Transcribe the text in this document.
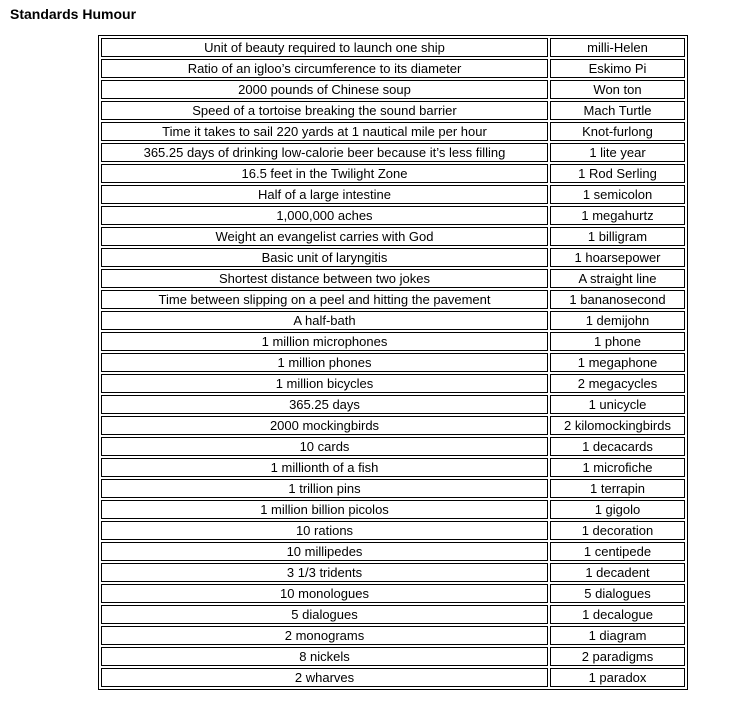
Standards Humour
Unit of beauty required to launch one ship	milli-Helen
Ratio of an igloo’s circumference to its diameter	Eskimo Pi
2000 pounds of Chinese soup	Won ton
Speed of a tortoise breaking the sound barrier	Mach Turtle
Time it takes to sail 220 yards at 1 nautical mile per hour	Knot-furlong
365.25 days of drinking low-calorie beer because it’s less filling	1 lite year
16.5 feet in the Twilight Zone	1 Rod Serling
Half of a large intestine	1 semicolon
1,000,000 aches	1 megahurtz
Weight an evangelist carries with God	1 billigram
Basic unit of laryngitis	1 hoarsepower
Shortest distance between two jokes	A straight line
Time between slipping on a peel and hitting the pavement	1 bananosecond
A half-bath	1 demijohn
1 million microphones	1 phone
1 million phones	1 megaphone
1 million bicycles	2 megacycles
365.25 days	1 unicycle
2000 mockingbirds	2 kilomockingbirds
10 cards	1 decacards
1 millionth of a fish	1 microfiche
1 trillion pins	1 terrapin
1 million billion picolos	1 gigolo
10 rations	1 decoration
10 millipedes	1 centipede
3 1/3 tridents	1 decadent
10 monologues	5 dialogues
5 dialogues	1 decalogue
2 monograms	1 diagram
8 nickels	2 paradigms
2 wharves	1 paradox
